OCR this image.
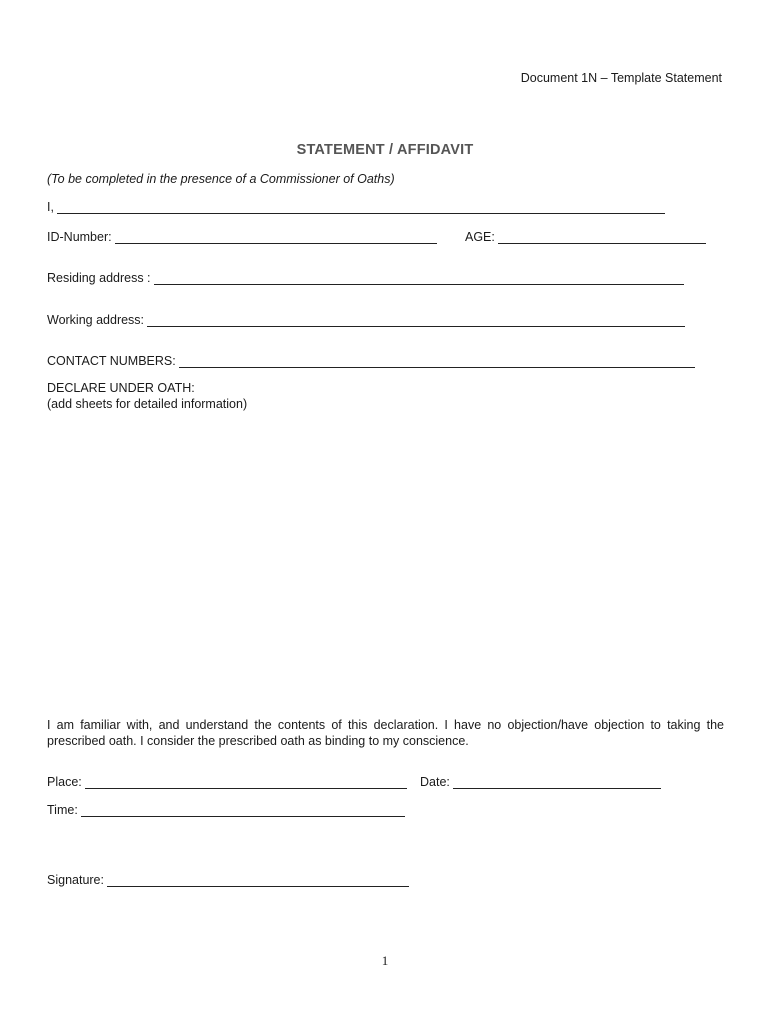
Document 1N – Template Statement
STATEMENT / AFFIDAVIT
(To be completed in the presence of a Commissioner of Oaths)
I,
ID-Number:	AGE:
Residing address :
Working address:
CONTACT NUMBERS:
DECLARE UNDER OATH:
(add sheets for detailed information)
I am familiar with, and understand the contents of this declaration. I have no objection/have objection to taking the prescribed oath. I consider the prescribed oath as binding to my conscience.
Place:	Date:
Time:
Signature:
1
